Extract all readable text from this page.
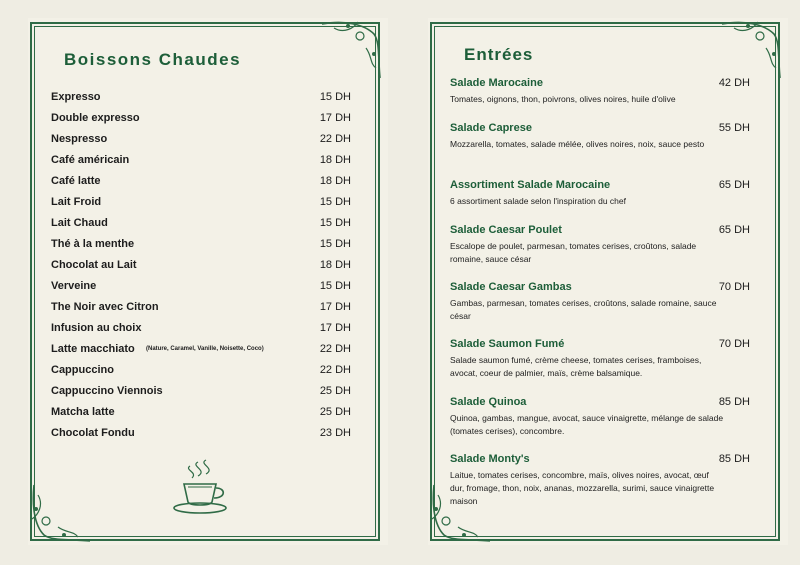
Boissons Chaudes
Expresso	15 DH
Double expresso	17 DH
Nespresso	22 DH
Café américain	18 DH
Café latte	18 DH
Lait Froid	15 DH
Lait Chaud	15 DH
Thé à la menthe	15 DH
Chocolat au Lait	18 DH
Verveine	15 DH
The Noir avec Citron	17 DH
Infusion au choix	17 DH
Latte macchiato (Nature, Caramel, Vanille, Noisette, Coco)	22 DH
Cappuccino	22 DH
Cappuccino Viennois	25 DH
Matcha latte	25 DH
Chocolat Fondu	23 DH
Entrées
Salade Marocaine	42 DH
Tomates, oignons, thon, poivrons, olives noires, huile d'olive
Salade Caprese	55 DH
Mozzarella, tomates, salade mélée, olives noires, noix, sauce pesto
Assortiment Salade Marocaine	65 DH
6 assortiment salade selon l'inspiration du chef
Salade Caesar Poulet	65 DH
Escalope de poulet, parmesan, tomates cerises, croûtons, salade romaine, sauce césar
Salade Caesar Gambas	70 DH
Gambas, parmesan, tomates cerises, croûtons, salade romaine, sauce césar
Salade Saumon Fumé	70 DH
Salade saumon fumé, crème cheese, tomates cerises, framboises, avocat, coeur de palmier, maïs, crème balsamique.
Salade Quinoa	85 DH
Quinoa, gambas, mangue, avocat, sauce vinaigrette, mélange de salade (tomates cerises), concombre.
Salade Monty's	85 DH
Laitue, tomates cerises, concombre, maïs, olives noires, avocat, œuf dur, fromage, thon, noix, ananas, mozzarella, surimi, sauce vinaigrette maison
